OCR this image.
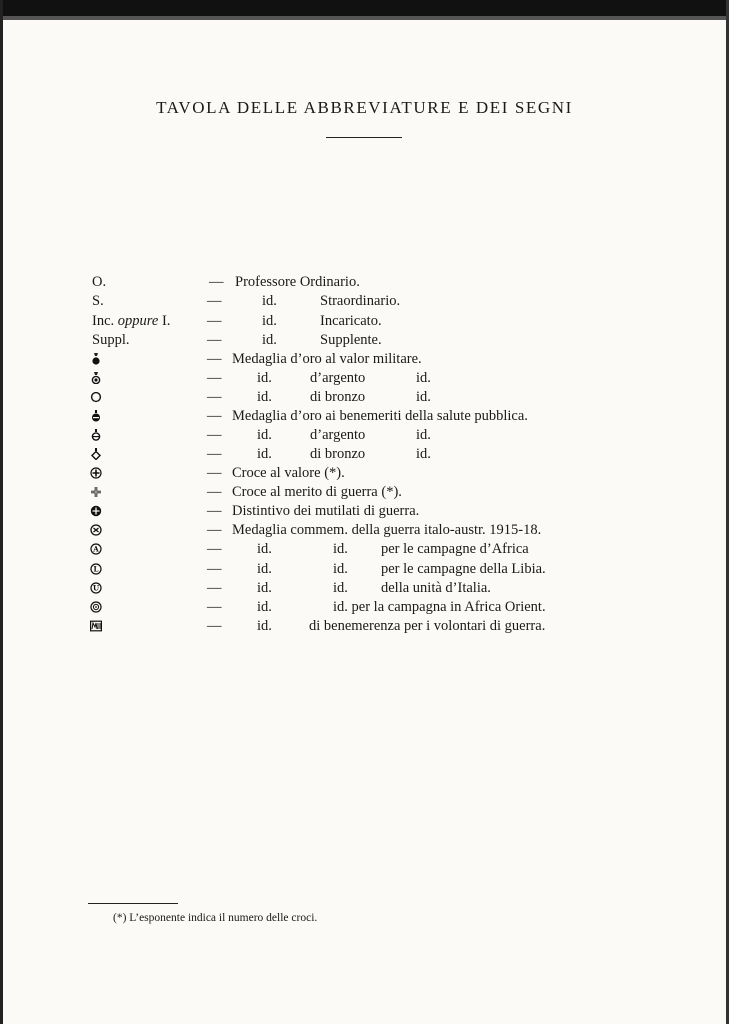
TAVOLA DELLE ABBREVIATURE E DEI SEGNI
O.	— Professore Ordinario.
S.	—	id.	Straordinario.
Inc. oppure I.	—	id.	Incaricato.
Suppl.	—	id.	Supplente.
— Medaglia d’oro al valor militare.
— id.	d’argento	id.
— id.	di bronzo	id.
— Medaglia d’oro ai benemeriti della salute pubblica.
— id.	d’argento	id.
— id.	di bronzo	id.
— Croce al valore (*).
— Croce al merito di guerra (*).
— Distintivo dei mutilati di guerra.
— Medaglia commem. della guerra italo-austr. 1915-18.
A	— id.	id. per le campagne d’Africa
L	— id.	id. per le campagne della Libia.
U	— id.	id. della unità d’Italia.
— id.	id. per la campagna in Africa Orient.
— id.	di benemerenza per i volontari di guerra.
(*) L’esponente indica il numero delle croci.
